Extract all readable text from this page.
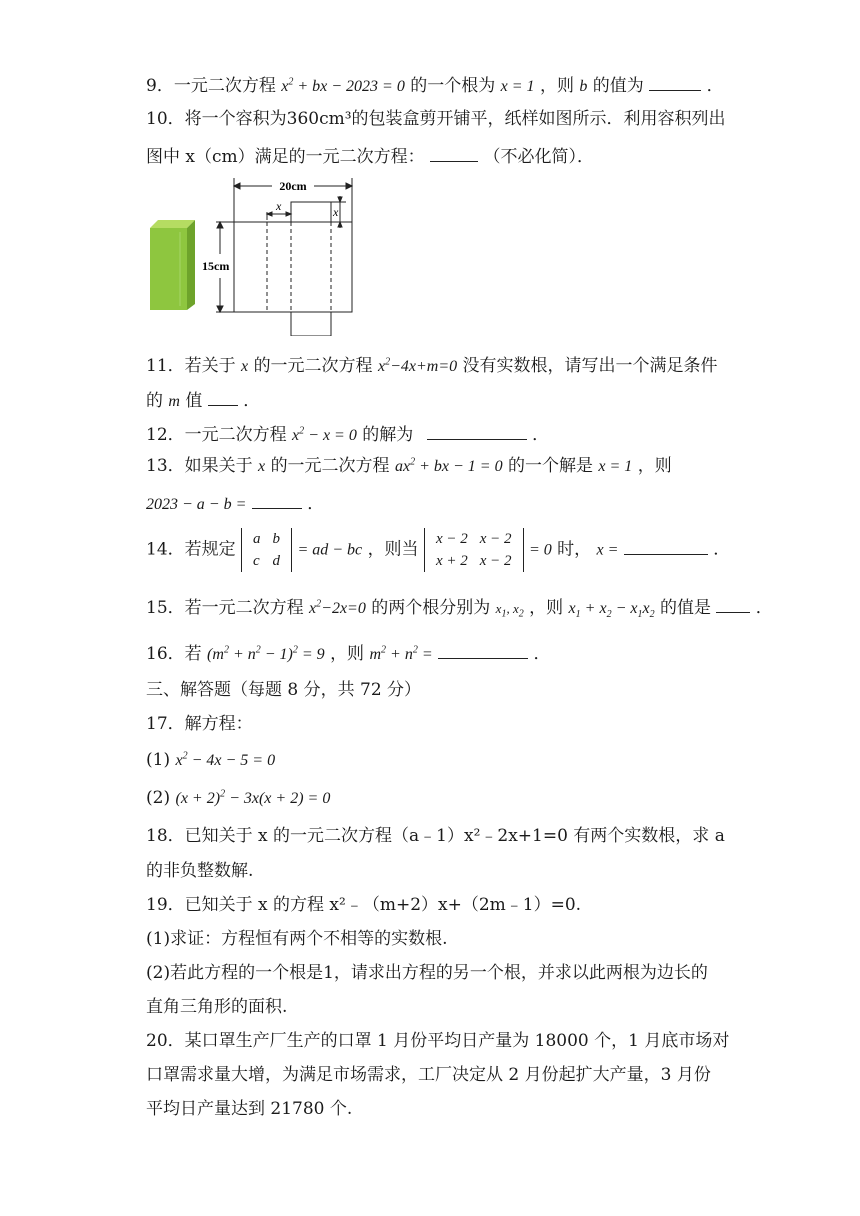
9．一元二次方程 $x^2$ + bx − 2023 = 0 的一个根为 x = 1 ，则 b 的值为	．
10．将一个容积为360cm³的包装盒剪开铺平，纸样如图所示．利用容积列出
图中 x（cm）满足的一元二次方程：	（不必化简）．
20cm
15cm
x	x
11．若关于 x 的一元二次方程 $x^2-4x+m=0$ 没有实数根，请写出一个满足条件
的 m 值 ．
12．一元二次方程 $x^2 - x = 0$ 的解为	．
13．如果关于 x 的一元二次方程 $ax^2$ + bx − 1 = 0 的一个解是 x = 1 ，则
2023 − a − b =	．
14．若规定
a	b
c	d
= ad − bc ，则当
x − 2	x − 2
x + 2	x − 2
= 0 时， x =	．
15．若一元二次方程 $x^2-2x=0$ 的两个根分别为 $x_1$, $x_2$ ，则 $x_1 + x_2 - x_1x_2$ 的值是	．
16．若 $(m^2 + n^2 - 1)^2 = 9$ ，则 $m^2 + n^2$ =	．
三、解答题（每题 8 分，共 72 分）
17．解方程：
(1) $x^2 - 4x - 5 = 0$
(2) $(x + 2)^2 - 3x(x + 2) = 0$
18．已知关于 x 的一元二次方程（a﹣1）x²﹣2x+1=0 有两个实数根，求 a
的非负整数解.
19．已知关于 x 的方程 x²﹣（m+2）x+（2m﹣1）=0.
(1)求证：方程恒有两个不相等的实数根.
(2)若此方程的一个根是1，请求出方程的另一个根，并求以此两根为边长的
直角三角形的面积.
20．某口罩生产厂生产的口罩 1 月份平均日产量为 18000 个，1 月底市场对
口罩需求量大增，为满足市场需求，工厂决定从 2 月份起扩大产量，3 月份
平均日产量达到 21780 个.
